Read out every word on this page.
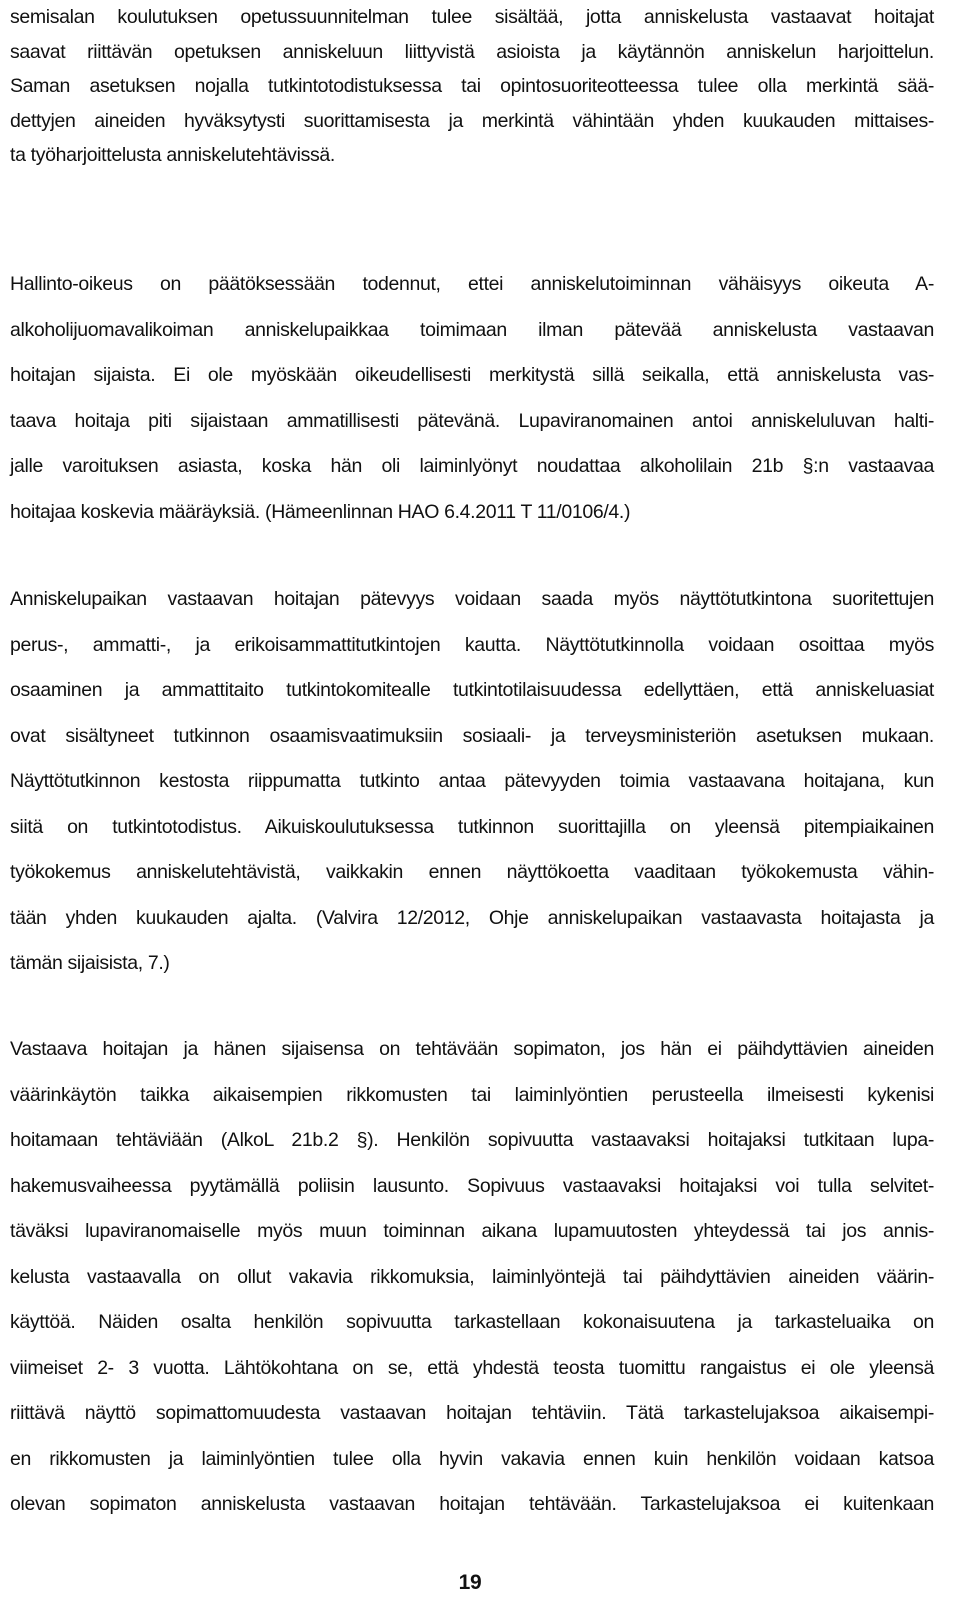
semisalan koulutuksen opetussuunnitelman tulee sisältää, jotta anniskelusta vastaavat hoitajat
saavat riittävän opetuksen anniskeluun liittyvistä asioista ja käytännön anniskelun harjoittelun.
Saman asetuksen nojalla tutkintotodistuksessa tai opintosuoriteotteessa tulee olla merkintä sää-
dettyjen aineiden hyväksytysti suorittamisesta ja merkintä vähintään yhden kuukauden mittaises-
ta työharjoittelusta anniskelutehtävissä.
Hallinto-oikeus on päätöksessään todennut, ettei anniskelutoiminnan vähäisyys oikeuta A-
alkoholijuomavalikoiman anniskelupaikkaa toimimaan ilman pätevää anniskelusta vastaavan
hoitajan sijaista. Ei ole myöskään oikeudellisesti merkitystä sillä seikalla, että anniskelusta vas-
taava hoitaja piti sijaistaan ammatillisesti pätevänä. Lupaviranomainen antoi anniskeluluvan halti-
jalle varoituksen asiasta, koska hän oli laiminlyönyt noudattaa alkoholilain 21b §:n vastaavaa
hoitajaa koskevia määräyksiä. (Hämeenlinnan HAO 6.4.2011 T 11/0106/4.)
Anniskelupaikan vastaavan hoitajan pätevyys voidaan saada myös näyttötutkintona suoritettujen
perus-, ammatti-, ja erikoisammattitutkintojen kautta. Näyttötutkinnolla voidaan osoittaa myös
osaaminen ja ammattitaito tutkintokomitealle tutkintotilaisuudessa edellyttäen, että anniskeluasiat
ovat sisältyneet tutkinnon osaamisvaatimuksiin sosiaali- ja terveysministeriön asetuksen mukaan.
Näyttötutkinnon kestosta riippumatta tutkinto antaa pätevyyden toimia vastaavana hoitajana, kun
siitä on tutkintotodistus. Aikuiskoulutuksessa tutkinnon suorittajilla on yleensä pitempiaikainen
työkokemus anniskelutehtävistä, vaikkakin ennen näyttökoetta vaaditaan työkokemusta vähin-
tään yhden kuukauden ajalta. (Valvira 12/2012, Ohje anniskelupaikan vastaavasta hoitajasta ja
tämän sijaisista, 7.)
Vastaava hoitajan ja hänen sijaisensa on tehtävään sopimaton, jos hän ei päihdyttävien aineiden
väärinkäytön taikka aikaisempien rikkomusten tai laiminlyöntien perusteella ilmeisesti kykenisi
hoitamaan tehtäviään (AlkoL 21b.2 §). Henkilön sopivuutta vastaavaksi hoitajaksi tutkitaan lupa-
hakemusvaiheessa pyytämällä poliisin lausunto. Sopivuus vastaavaksi hoitajaksi voi tulla selvitet-
täväksi lupaviranomaiselle myös muun toiminnan aikana lupamuutosten yhteydessä tai jos annis-
kelusta vastaavalla on ollut vakavia rikkomuksia, laiminlyöntejä tai päihdyttävien aineiden väärin-
käyttöä. Näiden osalta henkilön sopivuutta tarkastellaan kokonaisuutena ja tarkasteluaika on
viimeiset 2- 3 vuotta. Lähtökohtana on se, että yhdestä teosta tuomittu rangaistus ei ole yleensä
riittävä näyttö sopimattomuudesta vastaavan hoitajan tehtäviin. Tätä tarkastelujaksoa aikaisempi-
en rikkomusten ja laiminlyöntien tulee olla hyvin vakavia ennen kuin henkilön voidaan katsoa
olevan sopimaton anniskelusta vastaavan hoitajan tehtävään. Tarkastelujaksoa ei kuitenkaan
19
